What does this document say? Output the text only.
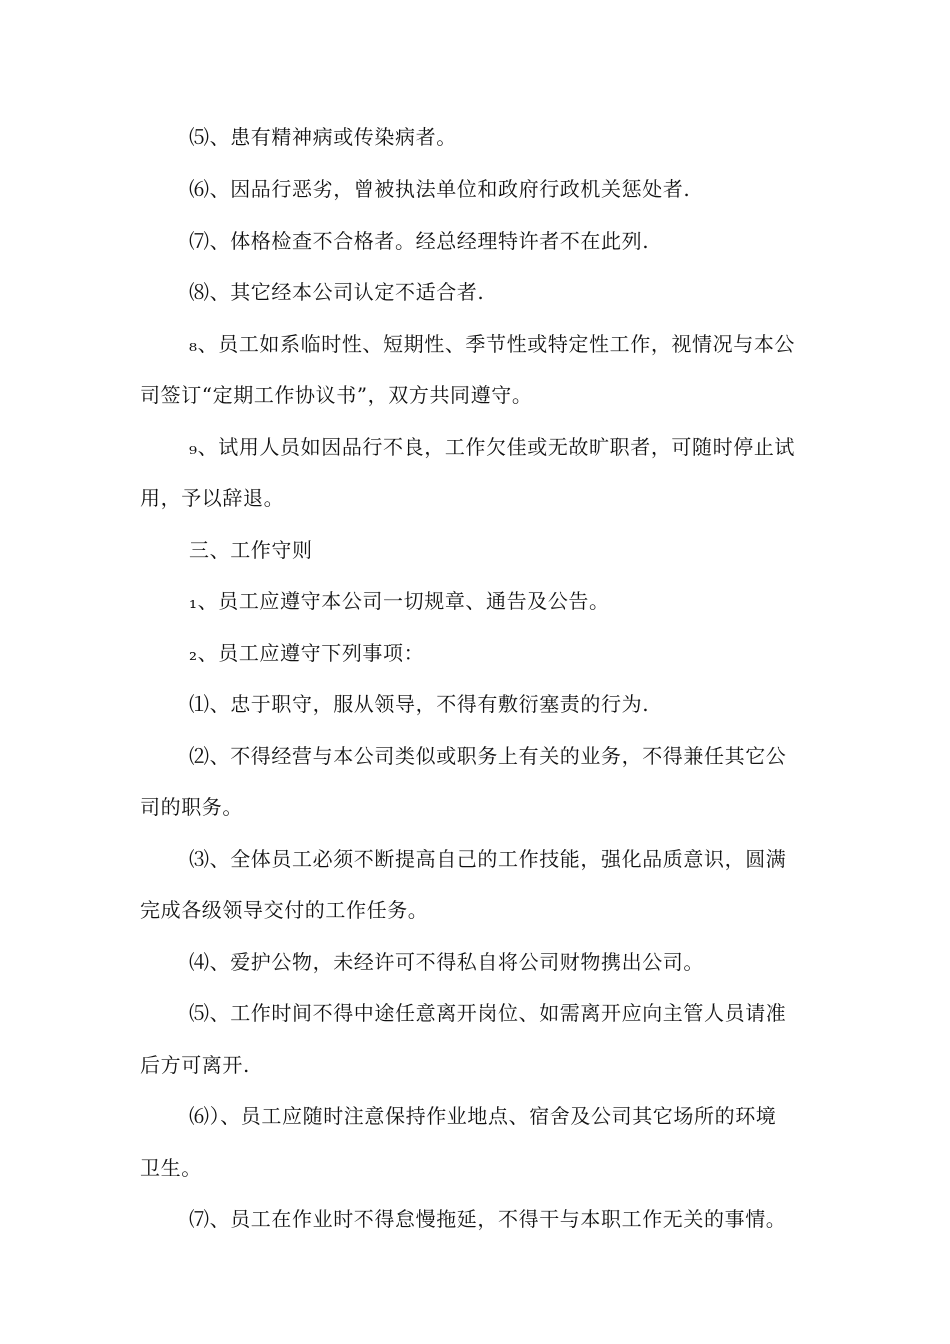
⑸、患有精神病或传染病者。
⑹、因品行恶劣，曾被执法单位和政府行政机关惩处者.
⑺、体格检查不合格者。经总经理特许者不在此列.
⑻、其它经本公司认定不适合者.
₈、员工如系临时性、短期性、季节性或特定性工作，视情况与本公
司签订“定期工作协议书”，双方共同遵守。
₉、试用人员如因品行不良，工作欠佳或无故旷职者，可随时停止试
用，予以辞退。
三、工作守则
₁、员工应遵守本公司一切规章、通告及公告。
₂、员工应遵守下列事项：
⑴、忠于职守，服从领导，不得有敷衍塞责的行为.
⑵、不得经营与本公司类似或职务上有关的业务，不得兼任其它公
司的职务。
⑶、全体员工必须不断提高自己的工作技能，强化品质意识，圆满
完成各级领导交付的工作任务。
⑷、爱护公物，未经许可不得私自将公司财物携出公司。
⑸、工作时间不得中途任意离开岗位、如需离开应向主管人员请准
后方可离开.
⑹）、员工应随时注意保持作业地点、宿舍及公司其它场所的环境
卫生。
⑺、员工在作业时不得怠慢拖延，不得干与本职工作无关的事情。
